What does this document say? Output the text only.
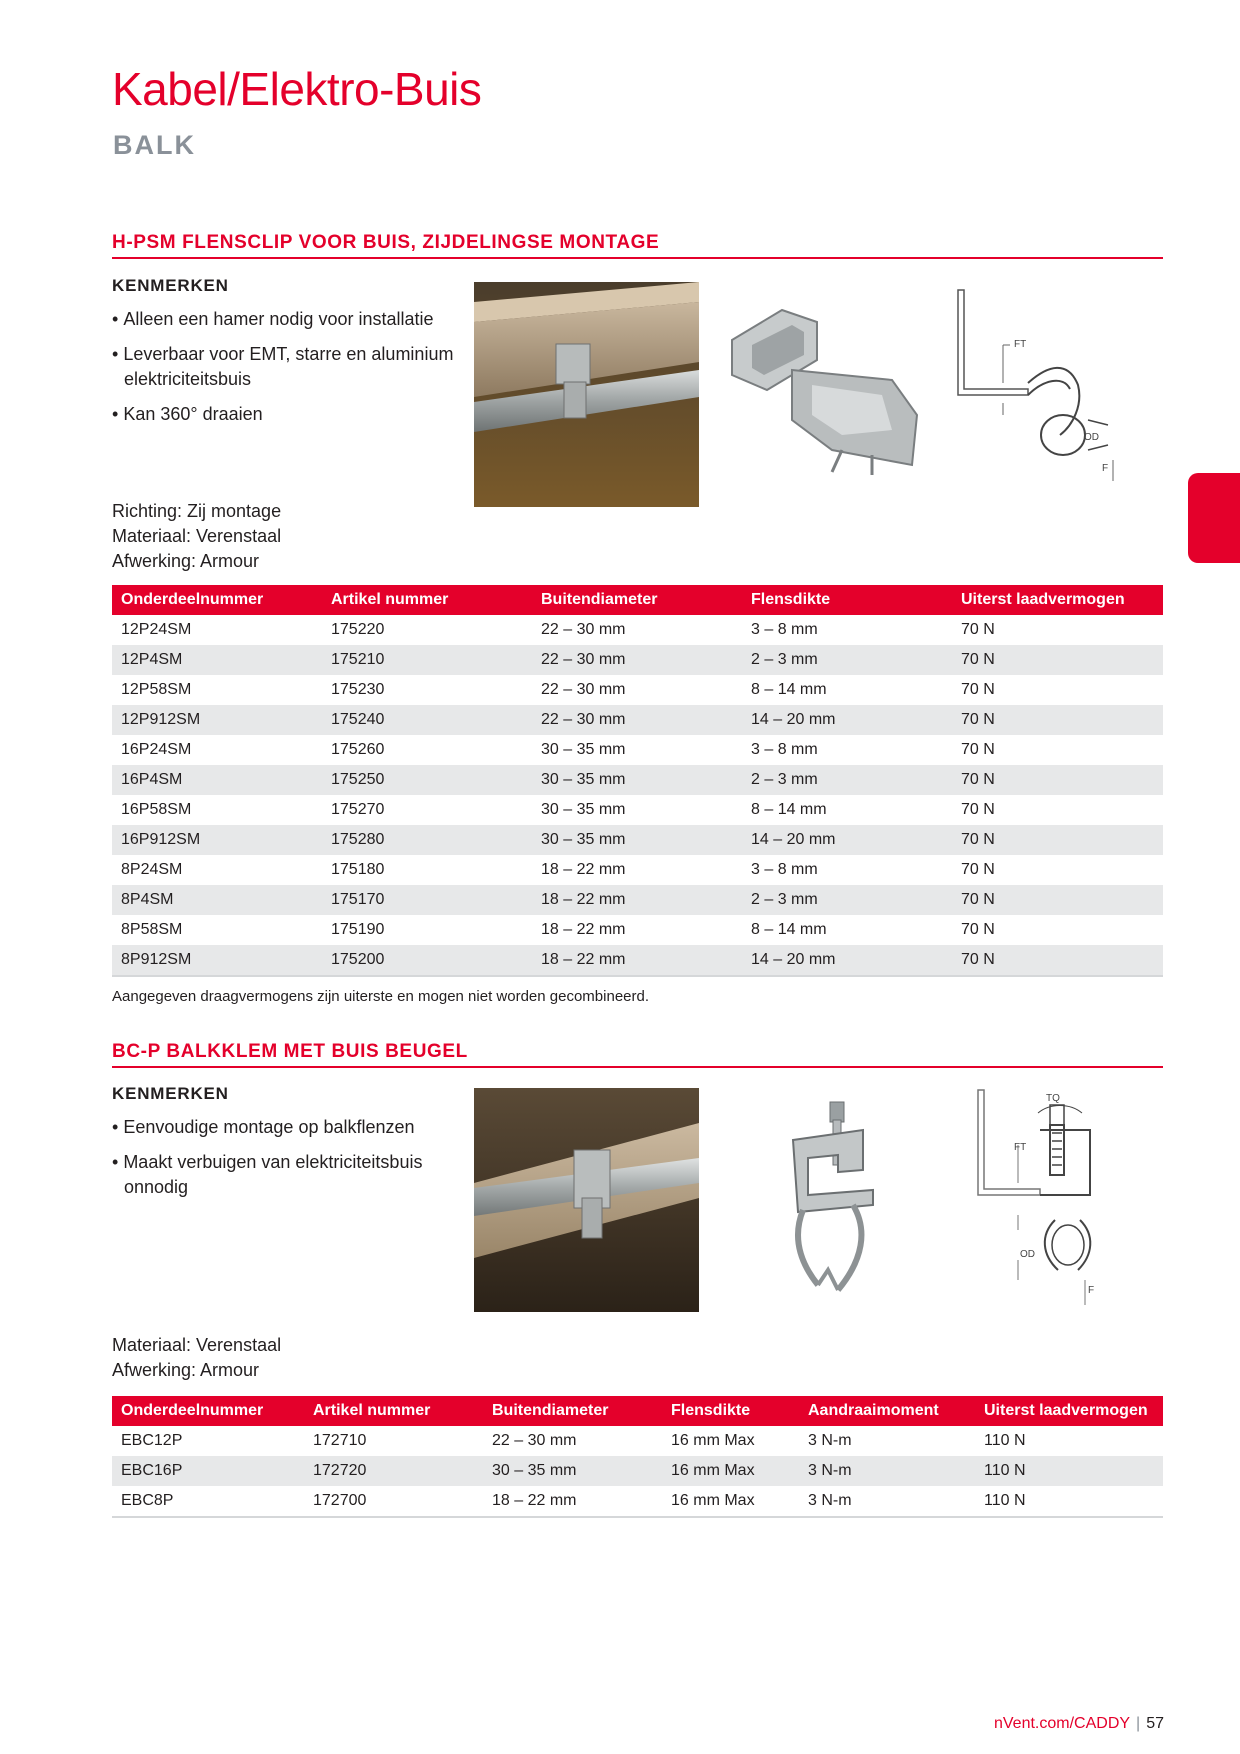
Kabel/Elektro-Buis
BALK
H-PSM FLENSCLIP VOOR BUIS, ZIJDELINGSE MONTAGE
KENMERKEN
• Alleen een hamer nodig voor installatie
• Leverbaar voor EMT, starre en aluminium elektriciteitsbuis
• Kan 360° draaien
Richting: Zij montage
Materiaal: Verenstaal
Afwerking: Armour
FT
OD
F
Onderdeelnummer	Artikel nummer	Buitendiameter	Flensdikte	Uiterst laadvermogen
12P24SM	175220	22 – 30 mm	3 – 8 mm	70 N
12P4SM	175210	22 – 30 mm	2 – 3 mm	70 N
12P58SM	175230	22 – 30 mm	8 – 14 mm	70 N
12P912SM	175240	22 – 30 mm	14 – 20 mm	70 N
16P24SM	175260	30 – 35 mm	3 – 8 mm	70 N
16P4SM	175250	30 – 35 mm	2 – 3 mm	70 N
16P58SM	175270	30 – 35 mm	8 – 14 mm	70 N
16P912SM	175280	30 – 35 mm	14 – 20 mm	70 N
8P24SM	175180	18 – 22 mm	3 – 8 mm	70 N
8P4SM	175170	18 – 22 mm	2 – 3 mm	70 N
8P58SM	175190	18 – 22 mm	8 – 14 mm	70 N
8P912SM	175200	18 – 22 mm	14 – 20 mm	70 N
Aangegeven draagvermogens zijn uiterste en mogen niet worden gecombineerd.
BC-P BALKKLEM MET BUIS BEUGEL
KENMERKEN
• Eenvoudige montage op balkflenzen
• Maakt verbuigen van elektriciteitsbuis onnodig
Materiaal: Verenstaal
Afwerking: Armour
TQ
FT
OD
F
Onderdeelnummer	Artikel nummer	Buitendiameter	Flensdikte	Aandraaimoment	Uiterst laadvermogen
EBC12P	172710	22 – 30 mm	16 mm Max	3 N-m	110 N
EBC16P	172720	30 – 35 mm	16 mm Max	3 N-m	110 N
EBC8P	172700	18 – 22 mm	16 mm Max	3 N-m	110 N
nVent.com/CADDY | 57
